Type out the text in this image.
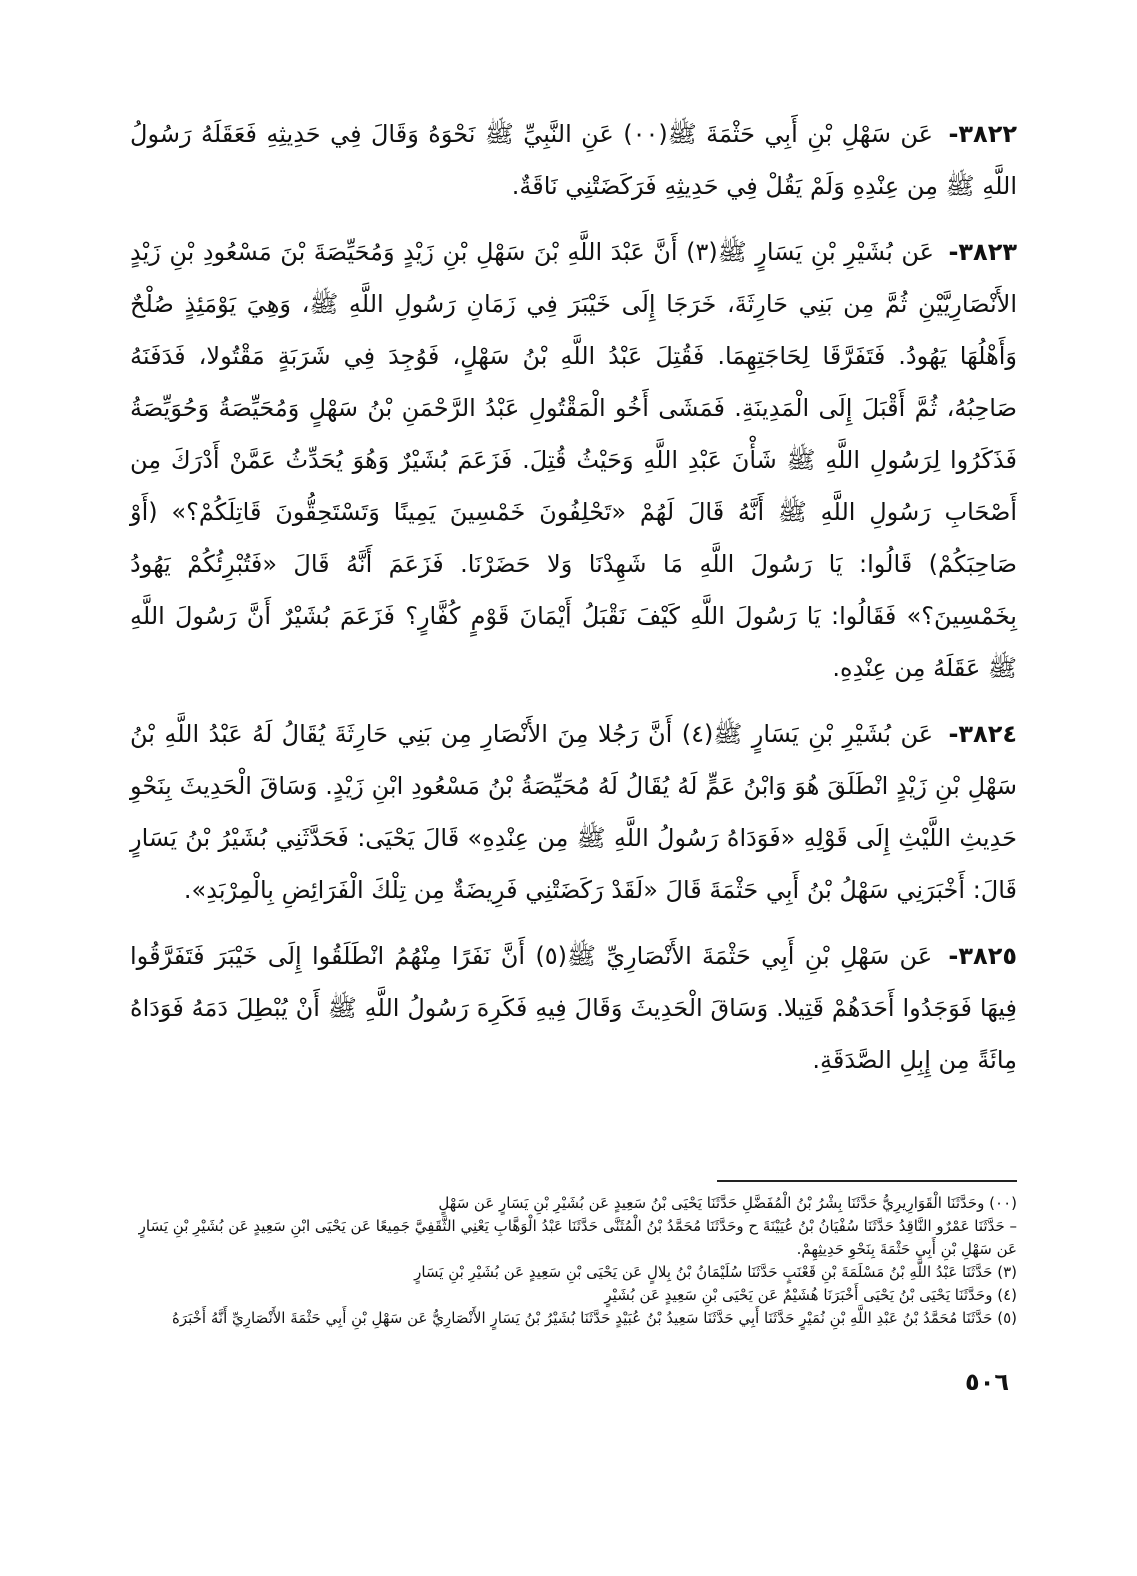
٣٨٢٢- عَن سَهْلِ بْنِ أَبِي حَثْمَةَ ﷺ(٠٠) عَنِ النَّبِيِّ ﷺ نَحْوَهُ وَقَالَ فِي حَدِيثِهِ فَعَقَلَهُ رَسُولُ اللَّهِ ﷺ مِن عِنْدِهِ وَلَمْ يَقُلْ فِي حَدِيثِهِ فَرَكَضَتْنِي نَاقَةٌ.

٣٨٢٣- عَن بُشَيْرِ بْنِ يَسَارٍ ﷺ(٣) أَنَّ عَبْدَ اللَّهِ بْنَ سَهْلِ بْنِ زَيْدٍ وَمُحَيِّصَةَ بْنَ مَسْعُودِ بْنِ زَيْدٍ الأَنْصَارِيَّيْنِ ثُمَّ مِن بَنِي حَارِثَةَ، خَرَجَا إِلَى خَيْبَرَ فِي زَمَانِ رَسُولِ اللَّهِ ﷺ، وَهِيَ يَوْمَئِذٍ صُلْحٌ وَأَهْلُهَا يَهُودُ. فَتَفَرَّقَا لِحَاجَتِهِمَا. فَقُتِلَ عَبْدُ اللَّهِ بْنُ سَهْلٍ، فَوُجِدَ فِي شَرَبَةٍ مَقْتُولا، فَدَفَنَهُ صَاحِبُهُ، ثُمَّ أَقْبَلَ إِلَى الْمَدِينَةِ. فَمَشَى أَخُو الْمَقْتُولِ عَبْدُ الرَّحْمَنِ بْنُ سَهْلٍ وَمُحَيِّصَةُ وَحُوَيِّصَةُ فَذَكَرُوا لِرَسُولِ اللَّهِ ﷺ شَأْنَ عَبْدِ اللَّهِ وَحَيْثُ قُتِلَ. فَزَعَمَ بُشَيْرٌ وَهُوَ يُحَدِّثُ عَمَّنْ أَدْرَكَ مِن أَصْحَابِ رَسُولِ اللَّهِ ﷺ أَنَّهُ قَالَ لَهُمْ «تَحْلِفُونَ خَمْسِينَ يَمِينًا وَتَسْتَحِقُّونَ قَاتِلَكُمْ؟» (أَوْ صَاحِبَكُمْ) قَالُوا: يَا رَسُولَ اللَّهِ مَا شَهِدْنَا وَلا حَضَرْنَا. فَزَعَمَ أَنَّهُ قَالَ «فَتُبْرِئُكُمْ يَهُودُ بِخَمْسِينَ؟» فَقَالُوا: يَا رَسُولَ اللَّهِ كَيْفَ نَقْبَلُ أَيْمَانَ قَوْمٍ كُفَّارٍ؟ فَزَعَمَ بُشَيْرٌ أَنَّ رَسُولَ اللَّهِ ﷺ عَقَلَهُ مِن عِنْدِهِ.

٣٨٢٤- عَن بُشَيْرِ بْنِ يَسَارٍ ﷺ(٤) أَنَّ رَجُلا مِنَ الأَنْصَارِ مِن بَنِي حَارِثَةَ يُقَالُ لَهُ عَبْدُ اللَّهِ بْنُ سَهْلِ بْنِ زَيْدٍ انْطَلَقَ هُوَ وَابْنُ عَمٍّ لَهُ يُقَالُ لَهُ مُحَيِّصَةُ بْنُ مَسْعُودِ ابْنِ زَيْدٍ. وَسَاقَ الْحَدِيثَ بِنَحْوِ حَدِيثِ اللَّيْثِ إِلَى قَوْلِهِ «فَوَدَاهُ رَسُولُ اللَّهِ ﷺ مِن عِنْدِهِ» قَالَ يَحْيَى: فَحَدَّثَنِي بُشَيْرُ بْنُ يَسَارٍ قَالَ: أَخْبَرَنِي سَهْلُ بْنُ أَبِي حَثْمَةَ قَالَ «لَقَدْ رَكَضَتْنِي فَرِيضَةٌ مِن تِلْكَ الْفَرَائِضِ بِالْمِرْبَدِ».

٣٨٢٥- عَن سَهْلِ بْنِ أَبِي حَثْمَةَ الأَنْصَارِيِّ ﷺ(٥) أَنَّ نَفَرًا مِنْهُمُ انْطَلَقُوا إِلَى خَيْبَرَ فَتَفَرَّقُوا فِيهَا فَوَجَدُوا أَحَدَهُمْ قَتِيلا. وَسَاقَ الْحَدِيثَ وَقَالَ فِيهِ فَكَرِهَ رَسُولُ اللَّهِ ﷺ أَنْ يُبْطِلَ دَمَهُ فَوَدَاهُ مِائَةً مِن إِبِلِ الصَّدَقَةِ.

(٠٠) وحَدَّثَنَا الْقَوَارِيرِيُّ حَدَّثَنَا بِشْرُ بْنُ الْمُفَضَّلِ حَدَّثَنَا يَحْيَى بْنُ سَعِيدٍ عَن بُشَيْرِ بْنِ يَسَارٍ عَن سَهْلٍ

– حَدَّثَنَا عَمْرٌو النَّاقِدُ حَدَّثَنَا سُفْيَانُ بْنُ عُيَيْنَةَ ح وحَدَّثَنَا مُحَمَّدُ بْنُ الْمُثَنَّى حَدَّثَنَا عَبْدُ الْوَهَّابِ يَعْنِي الثَّقَفِيَّ جَمِيعًا عَن يَحْيَى ابْنِ سَعِيدٍ عَن بُشَيْرِ بْنِ يَسَارٍ عَن سَهْلِ بْنِ أَبِي حَثْمَةَ بِنَحْوِ حَدِيثِهِمْ.

(٣) حَدَّثَنَا عَبْدُ اللَّهِ بْنُ مَسْلَمَةَ بْنِ قَعْنَبٍ حَدَّثَنَا سُلَيْمَانُ بْنُ بِلالٍ عَن يَحْيَى بْنِ سَعِيدٍ عَن بُشَيْرِ بْنِ يَسَارٍ

(٤) وحَدَّثَنَا يَحْيَى بْنُ يَحْيَى أَخْبَرَنَا هُشَيْمٌ عَن يَحْيَى بْنِ سَعِيدٍ عَن بُشَيْرٍ

(٥) حَدَّثَنَا مُحَمَّدُ بْنُ عَبْدِ اللَّهِ بْنِ نُمَيْرٍ حَدَّثَنَا أَبِي حَدَّثَنَا سَعِيدُ بْنُ عُبَيْدٍ حَدَّثَنَا بُشَيْرُ بْنُ يَسَارٍ الأَنْصَارِيُّ عَن سَهْلِ بْنِ أَبِي حَثْمَةَ الأَنْصَارِيِّ أَنَّهُ أَخْبَرَهُ

٥٠٦
